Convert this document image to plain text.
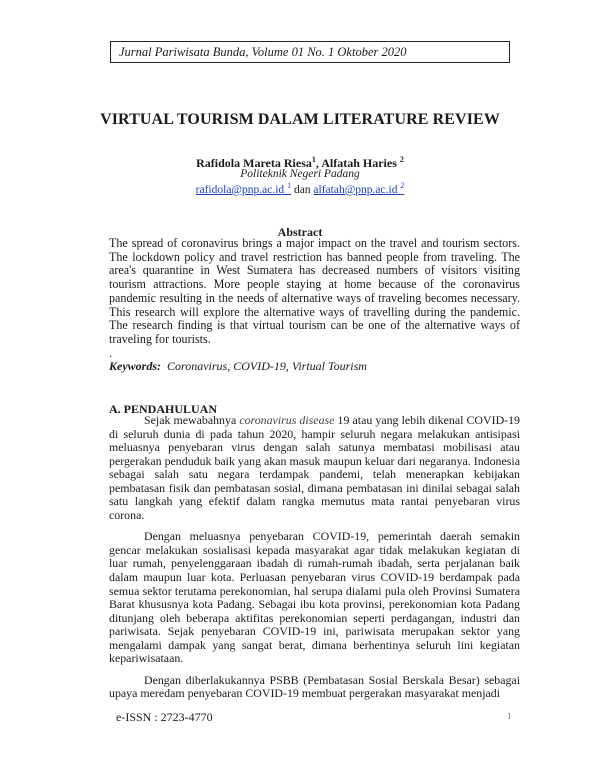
Jurnal Pariwisata Bunda, Volume 01 No. 1 Oktober 2020
VIRTUAL TOURISM DALAM LITERATURE REVIEW
Rafidola Mareta Riesa$^1$, Alfatah Haries $^2$
Politeknik Negeri Padang
rafidola@pnp.ac.id $^1$ dan alfatah@pnp.ac.id $^2$
Abstract
The spread of coronavirus brings a major impact on the travel and tourism sectors. The lockdown policy and travel restriction has banned people from traveling. The area's quarantine in West Sumatera has decreased numbers of visitors visiting tourism attractions. More people staying at home because of the coronavirus pandemic resulting in the needs of alternative ways of traveling becomes necessary. This research will explore the alternative ways of travelling during the pandemic. The research finding is that virtual tourism can be one of the alternative ways of traveling for tourists.
.
Keywords: Coronavirus, COVID-19, Virtual Tourism
A. PENDAHULUAN

Sejak mewabahnya coronavirus disease 19 atau yang lebih dikenal COVID-19 di seluruh dunia di pada tahun 2020, hampir seluruh negara melakukan antisipasi meluasnya penyebaran virus dengan salah satunya membatasi mobilisasi atau pergerakan penduduk baik yang akan masuk maupun keluar dari negaranya. Indonesia sebagai salah satu negara terdampak pandemi, telah menerapkan kebijakan pembatasan fisik dan pembatasan sosial, dimana pembatasan ini dinilai sebagai salah satu langkah yang efektif dalam rangka memutus mata rantai penyebaran virus corona.

Dengan meluasnya penyebaran COVID-19, pemerintah daerah semakin gencar melakukan sosialisasi kepada masyarakat agar tidak melakukan kegiatan di luar rumah, penyelenggaraan ibadah di rumah-rumah ibadah, serta perjalanan baik dalam maupun luar kota. Perluasan penyebaran virus COVID-19 berdampak pada semua sektor terutama perekonomian, hal serupa dialami pula oleh Provinsi Sumatera Barat khususnya kota Padang. Sebagai ibu kota provinsi, perekonomian kota Padang ditunjang oleh beberapa aktifitas perekonomian seperti perdagangan, industri dan pariwisata. Sejak penyebaran COVID-19 ini, pariwisata merupakan sektor yang mengalami dampak yang sangat berat, dimana berhentinya seluruh lini kegiatan kepariwisataan.

Dengan diberlakukannya PSBB (Pembatasan Sosial Berskala Besar) sebagai upaya meredam penyebaran COVID-19 membuat pergerakan masyarakat menjadi

e-ISSN : 2723-4770	1
